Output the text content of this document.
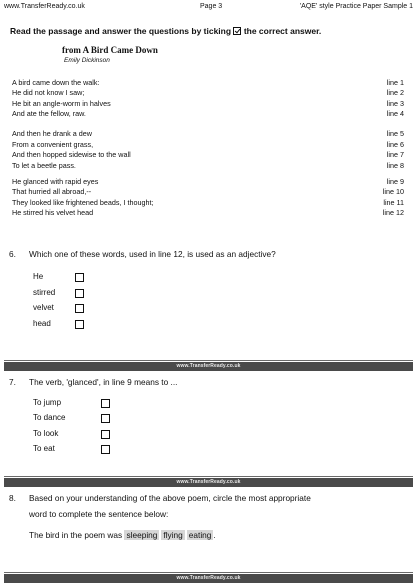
www.TransferReady.co.uk	Page 3	'AQE' style Practice Paper Sample 1
Read the passage and answer the questions by ticking the correct answer.
from A Bird Came Down
Emily Dickinson
A bird came down the walk:
He did not know I saw;
He bit an angle-worm in halves
And ate the fellow, raw.
And then he drank a dew
From a convenient grass,
And then hopped sidewise to the wall
To let a beetle pass.
He glanced with rapid eyes
That hurried all abroad,--
They looked like frightened beads, I thought;
He stirred his velvet head
line 1
line 2
line 3
line 4
line 5
line 6
line 7
line 8
line 9
line 10
line 11
line 12
6. Which one of these words, used in line 12, is used as an adjective?
He
stirred
velvet
head
www.TransferReady.co.uk
7. The verb, 'glanced', in line 9 means to ...
To jump
To dance
To look
To eat
www.TransferReady.co.uk
8. Based on your understanding of the above poem, circle the most appropriate
word to complete the sentence below:
The bird in the poem was sleeping flying eating .
www.TransferReady.co.uk
